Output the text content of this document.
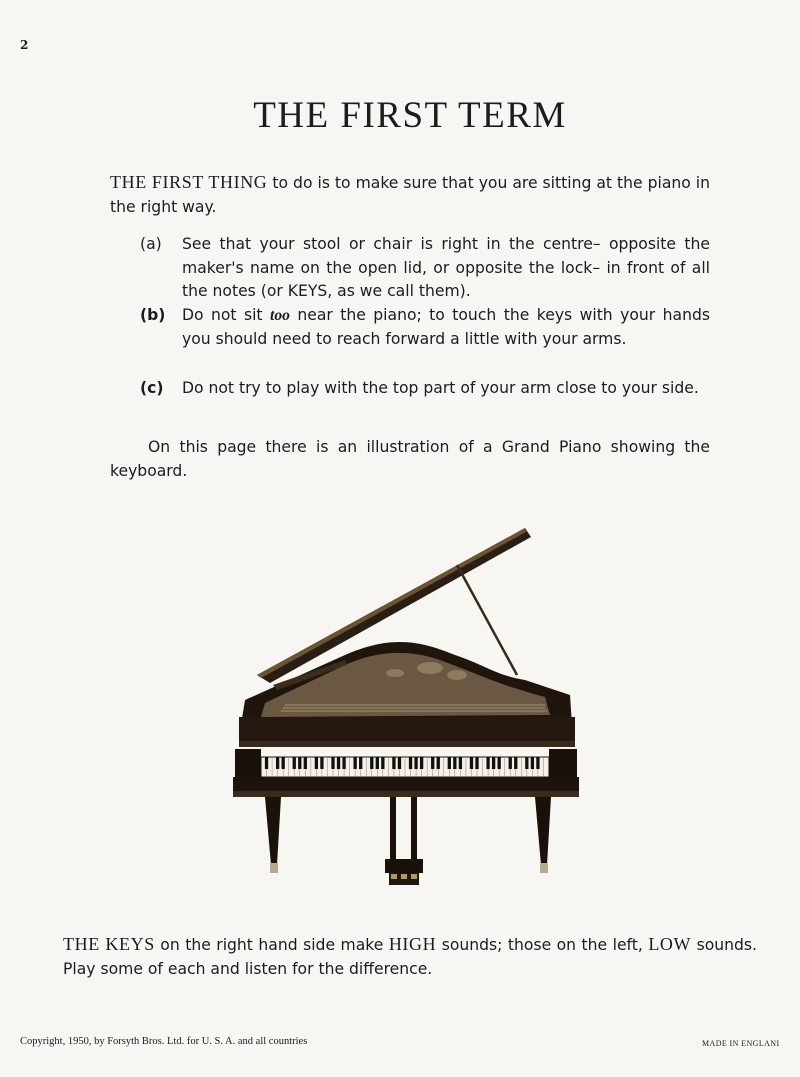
2
THE FIRST TERM
THE FIRST THING to do is to make sure that you are sitting at the piano in the right way.
(a)	See that your stool or chair is right in the centre– opposite the maker's name on the open lid, or opposite the lock– in front of all the notes (or KEYS, as we call them).
(b)	Do not sit too near the piano; to touch the keys with your hands you should need to reach forward a little with your arms.
(c)	Do not try to play with the top part of your arm close to your side.
On this page there is an illustration of a Grand Piano showing the keyboard.
THE KEYS on the right hand side make HIGH sounds; those on the left, LOW sounds. Play some of each and listen for the difference.
Copyright, 1950, by Forsyth Bros. Ltd. for U. S. A. and all countries	MADE IN ENGLANI
